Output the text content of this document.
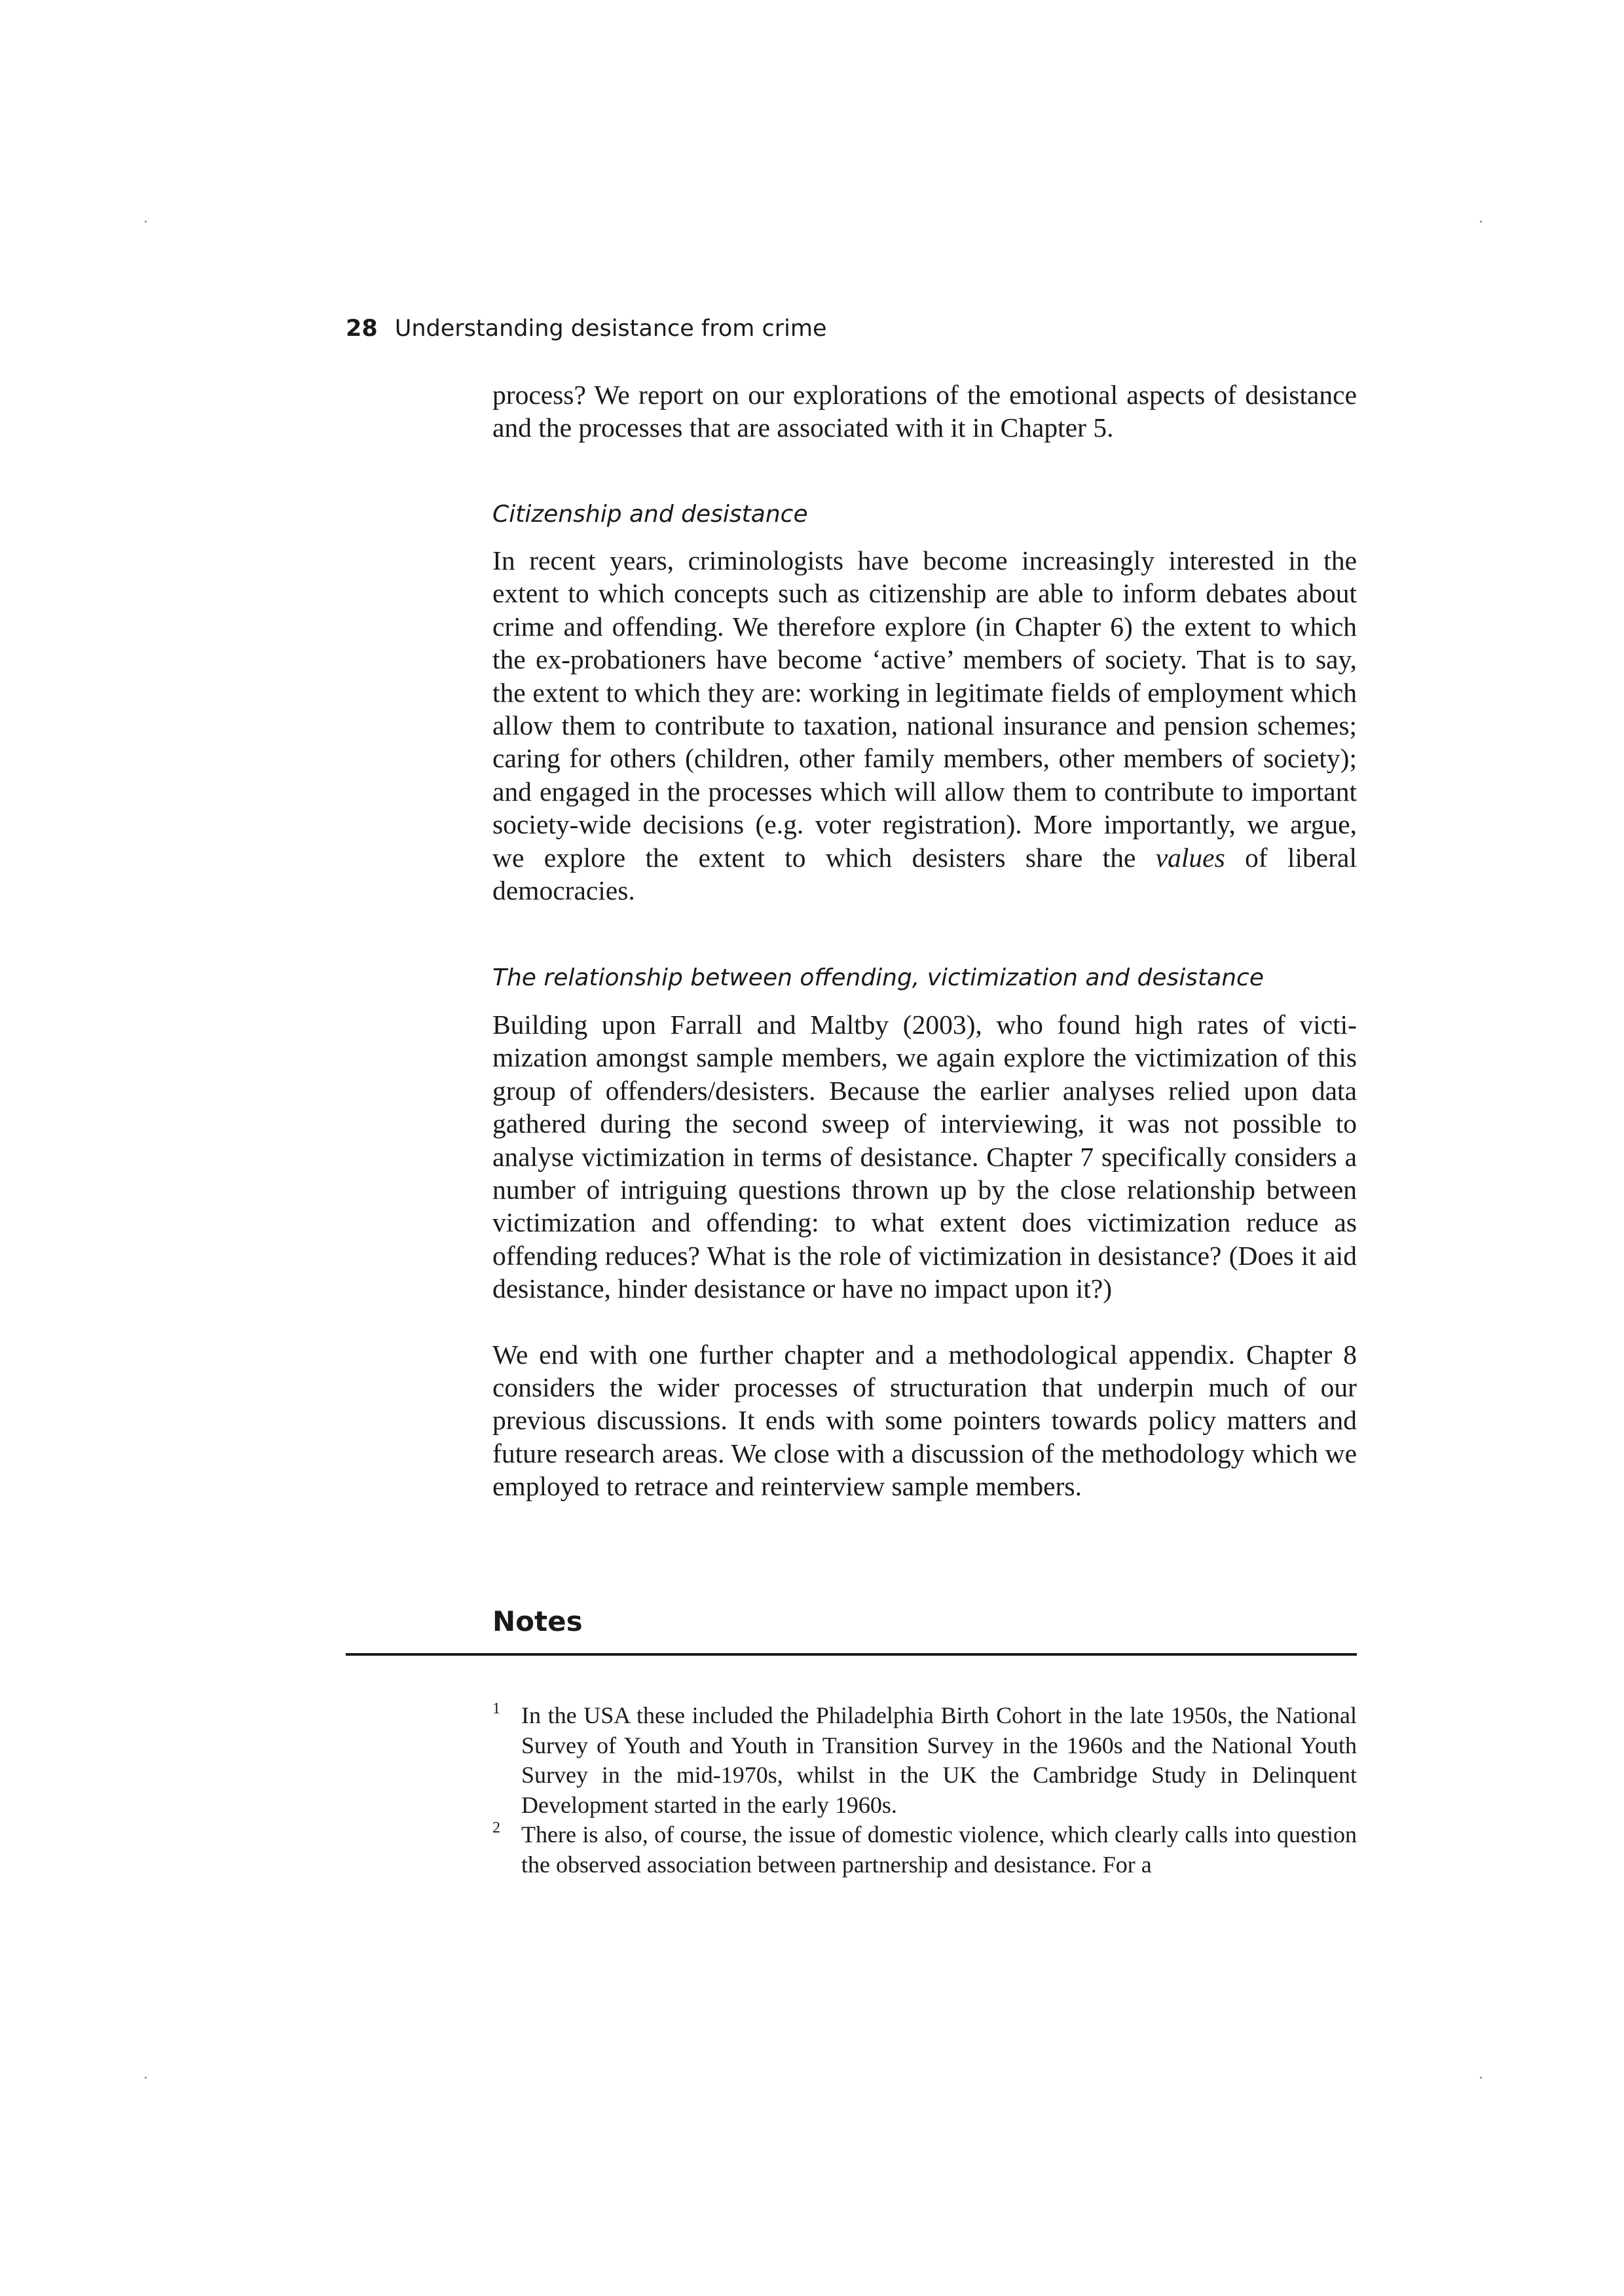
28 Understanding desistance from crime

process? We report on our explorations of the emotional aspects of desistance and the processes that are associated with it in Chapter 5.

Citizenship and desistance

In recent years, criminologists have become increasingly interested in the extent to which concepts such as citizenship are able to inform debates about crime and offending. We therefore explore (in Chapter 6) the extent to which the ex-probationers have become ‘active’ members of society. That is to say, the extent to which they are: working in legitimate fields of employment which allow them to contribute to taxation, national insurance and pension schemes; caring for others (children, other family members, other members of society); and engaged in the processes which will allow them to contribute to important society-wide decisions (e.g. voter registration). More importantly, we argue, we explore the extent to which desisters share the values of liberal democracies.

The relationship between offending, victimization and desistance

Building upon Farrall and Maltby (2003), who found high rates of victimization amongst sample members, we again explore the victimization of this group of offenders/desisters. Because the earlier analyses relied upon data gathered during the second sweep of interviewing, it was not possible to analyse victimization in terms of desistance. Chapter 7 specifically considers a number of intriguing questions thrown up by the close relationship between victimization and offending: to what extent does victimization reduce as offending reduces? What is the role of victimization in desistance? (Does it aid desistance, hinder desistance or have no impact upon it?)

We end with one further chapter and a methodological appendix. Chapter 8 considers the wider processes of structuration that underpin much of our previous discussions. It ends with some pointers towards policy matters and future research areas. We close with a discussion of the methodology which we employed to retrace and reinterview sample members.

Notes
1 In the USA these included the Philadelphia Birth Cohort in the late 1950s, the National Survey of Youth and Youth in Transition Survey in the 1960s and the National Youth Survey in the mid-1970s, whilst in the UK the Cambridge Study in Delinquent Development started in the early 1960s.
2 There is also, of course, the issue of domestic violence, which clearly calls into question the observed association between partnership and desistance. For a
